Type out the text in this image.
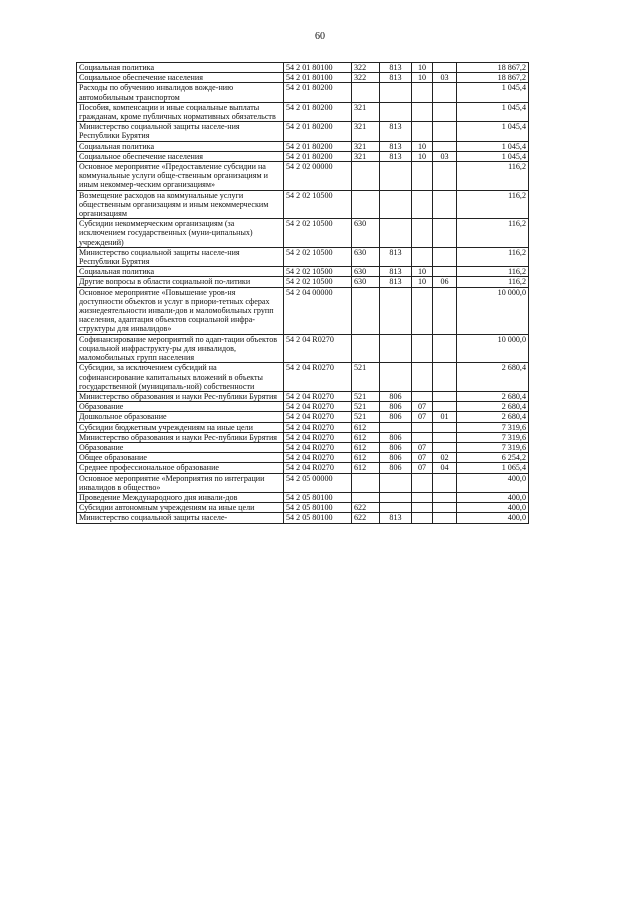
60
Социальная политика	54 2 01 80100	322	813	10		18 867,2
Социальное обеспечение населения	54 2 01 80100	322	813	10	03	18 867,2
Расходы по обучению инвалидов вожде-нию автомобильным транспортом	54 2 01 80200					1 045,4
Пособия, компенсации и иные социальные выплаты гражданам, кроме публичных нормативных обязательств	54 2 01 80200	321				1 045,4
Министерство социальной защиты населе-ния Республики Бурятия	54 2 01 80200	321	813			1 045,4
Социальная политика	54 2 01 80200	321	813	10		1 045,4
Социальное обеспечение населения	54 2 01 80200	321	813	10	03	1 045,4
Основное мероприятие «Предоставление субсидии на коммунальные услуги обще-ственным организациям и иным некоммер-ческим организациям»	54 2 02 00000					116,2
Возмещение расходов на коммунальные услуги общественным организациям и иным некоммерческим организациям	54 2 02 10500					116,2
Субсидии некоммерческим организациям (за исключением государственных (муни-ципальных) учреждений)	54 2 02 10500	630				116,2
Министерство социальной защиты населе-ния Республики Бурятия	54 2 02 10500	630	813			116,2
Социальная политика	54 2 02 10500	630	813	10		116,2
Другие вопросы в области социальной по-литики	54 2 02 10500	630	813	10	06	116,2
Основное мероприятие «Повышение уров-ня доступности объектов и услуг в приори-тетных сферах жизнедеятельности инвали-дов и маломобильных групп населения, адаптация объектов социальной инфра-структуры для инвалидов»	54 2 04 00000					10 000,0
Софинансирование мероприятий по адап-тации объектов социальной инфраструкту-ры для инвалидов, маломобильных групп населения	54 2 04 R0270					10 000,0
Субсидии, за исключением субсидий на софинансирование капитальных вложений в объекты государственной (муниципаль-ной) собственности	54 2 04 R0270	521				2 680,4
Министерство образования и науки Рес-публики Бурятия	54 2 04 R0270	521	806			2 680,4
Образование	54 2 04 R0270	521	806	07		2 680,4
Дошкольное образование	54 2 04 R0270	521	806	07	01	2 680,4
Субсидии бюджетным учреждениям на иные цели	54 2 04 R0270	612				7 319,6
Министерство образования и науки Рес-публики Бурятия	54 2 04 R0270	612	806			7 319,6
Образование	54 2 04 R0270	612	806	07		7 319,6
Общее образование	54 2 04 R0270	612	806	07	02	6 254,2
Среднее профессиональное образование	54 2 04 R0270	612	806	07	04	1 065,4
Основное мероприятие «Мероприятия по интеграции инвалидов в общество»	54 2 05 00000					400,0
Проведение Международного дня инвали-дов	54 2 05 80100					400,0
Субсидии автономным учреждениям на иные цели	54 2 05 80100	622				400,0
Министерство социальной защиты населе-	54 2 05 80100	622	813			400,0
